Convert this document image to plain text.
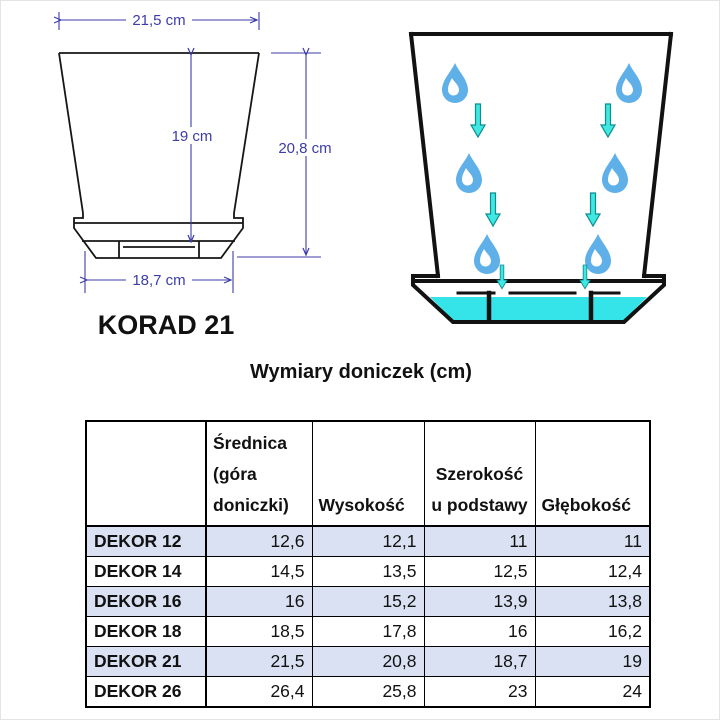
21,5 cm
19 cm
20,8 cm
18,7 cm
KORAD 21
Wymiary doniczek (cm)
	Średnica (góra doniczki)	Wysokość	Szerokość u podstawy	Głębokość
DEKOR 12	12,6	12,1	11	11
DEKOR 14	14,5	13,5	12,5	12,4
DEKOR 16	16	15,2	13,9	13,8
DEKOR 18	18,5	17,8	16	16,2
DEKOR 21	21,5	20,8	18,7	19
DEKOR 26	26,4	25,8	23	24
